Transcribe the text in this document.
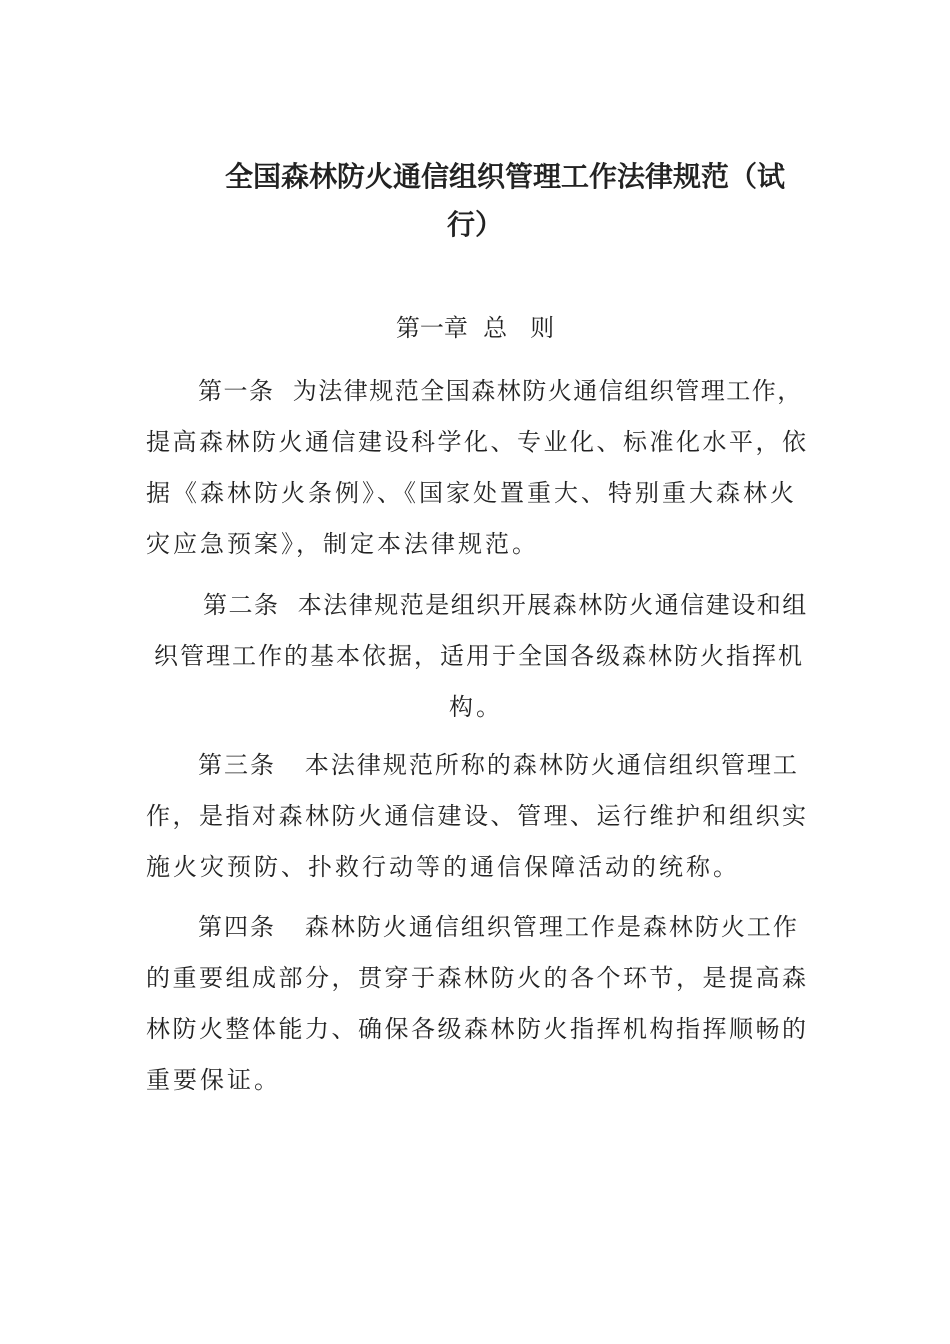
全国森林防火通信组织管理工作法律规范（试
行）
第一章  总   则
第一条  为法律规范全国森林防火通信组织管理工作，
提高森林防火通信建设科学化、专业化、标准化水平，依
据《森林防火条例》、《国家处置重大、特别重大森林火
灾应急预案》，制定本法律规范。
第二条  本法律规范是组织开展森林防火通信建设和组
织管理工作的基本依据，适用于全国各级森林防火指挥机
构。
第三条   本法律规范所称的森林防火通信组织管理工
作，是指对森林防火通信建设、管理、运行维护和组织实
施火灾预防、扑救行动等的通信保障活动的统称。
第四条   森林防火通信组织管理工作是森林防火工作
的重要组成部分，贯穿于森林防火的各个环节，是提高森
林防火整体能力、确保各级森林防火指挥机构指挥顺畅的
重要保证。
